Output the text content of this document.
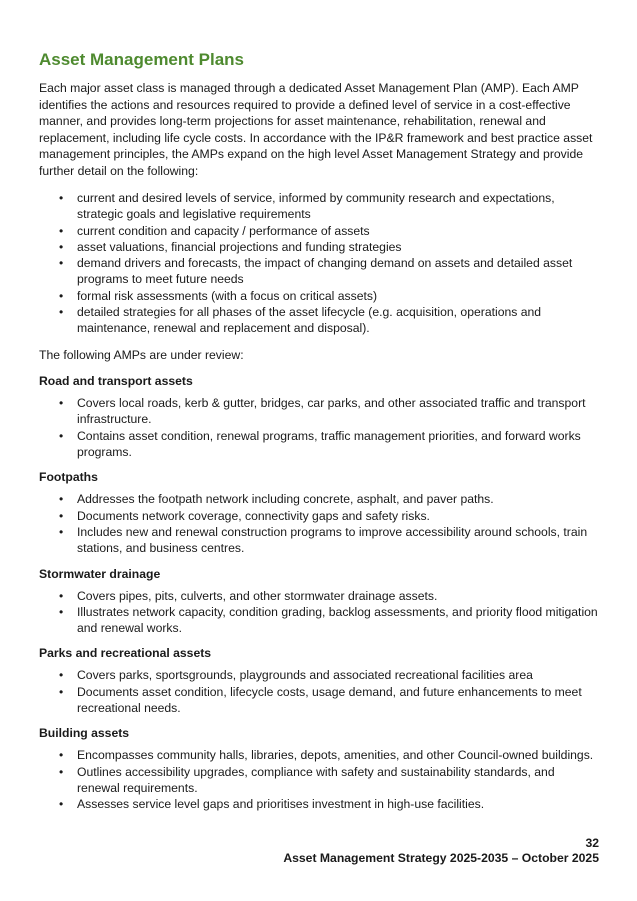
Asset Management Plans

Each major asset class is managed through a dedicated Asset Management Plan (AMP). Each AMP identifies the actions and resources required to provide a defined level of service in a cost-effective manner, and provides long-term projections for asset maintenance, rehabilitation, renewal and replacement, including life cycle costs. In accordance with the IP&R framework and best practice asset management principles, the AMPs expand on the high level Asset Management Strategy and provide further detail on the following:

• current and desired levels of service, informed by community research and expectations, strategic goals and legislative requirements
• current condition and capacity / performance of assets
• asset valuations, financial projections and funding strategies
• demand drivers and forecasts, the impact of changing demand on assets and detailed asset programs to meet future needs
• formal risk assessments (with a focus on critical assets)
• detailed strategies for all phases of the asset lifecycle (e.g. acquisition, operations and maintenance, renewal and replacement and disposal).

The following AMPs are under review:

Road and transport assets
• Covers local roads, kerb & gutter, bridges, car parks, and other associated traffic and transport infrastructure.
• Contains asset condition, renewal programs, traffic management priorities, and forward works programs.
Footpaths
• Addresses the footpath network including concrete, asphalt, and paver paths.
• Documents network coverage, connectivity gaps and safety risks.
• Includes new and renewal construction programs to improve accessibility around schools, train stations, and business centres.
Stormwater drainage
• Covers pipes, pits, culverts, and other stormwater drainage assets.
• Illustrates network capacity, condition grading, backlog assessments, and priority flood mitigation and renewal works.
Parks and recreational assets
• Covers parks, sportsgrounds, playgrounds and associated recreational facilities area
• Documents asset condition, lifecycle costs, usage demand, and future enhancements to meet recreational needs.
Building assets
• Encompasses community halls, libraries, depots, amenities, and other Council-owned buildings.
• Outlines accessibility upgrades, compliance with safety and sustainability standards, and renewal requirements.
• Assesses service level gaps and prioritises investment in high-use facilities.
32
Asset Management Strategy 2025-2035 – October 2025
